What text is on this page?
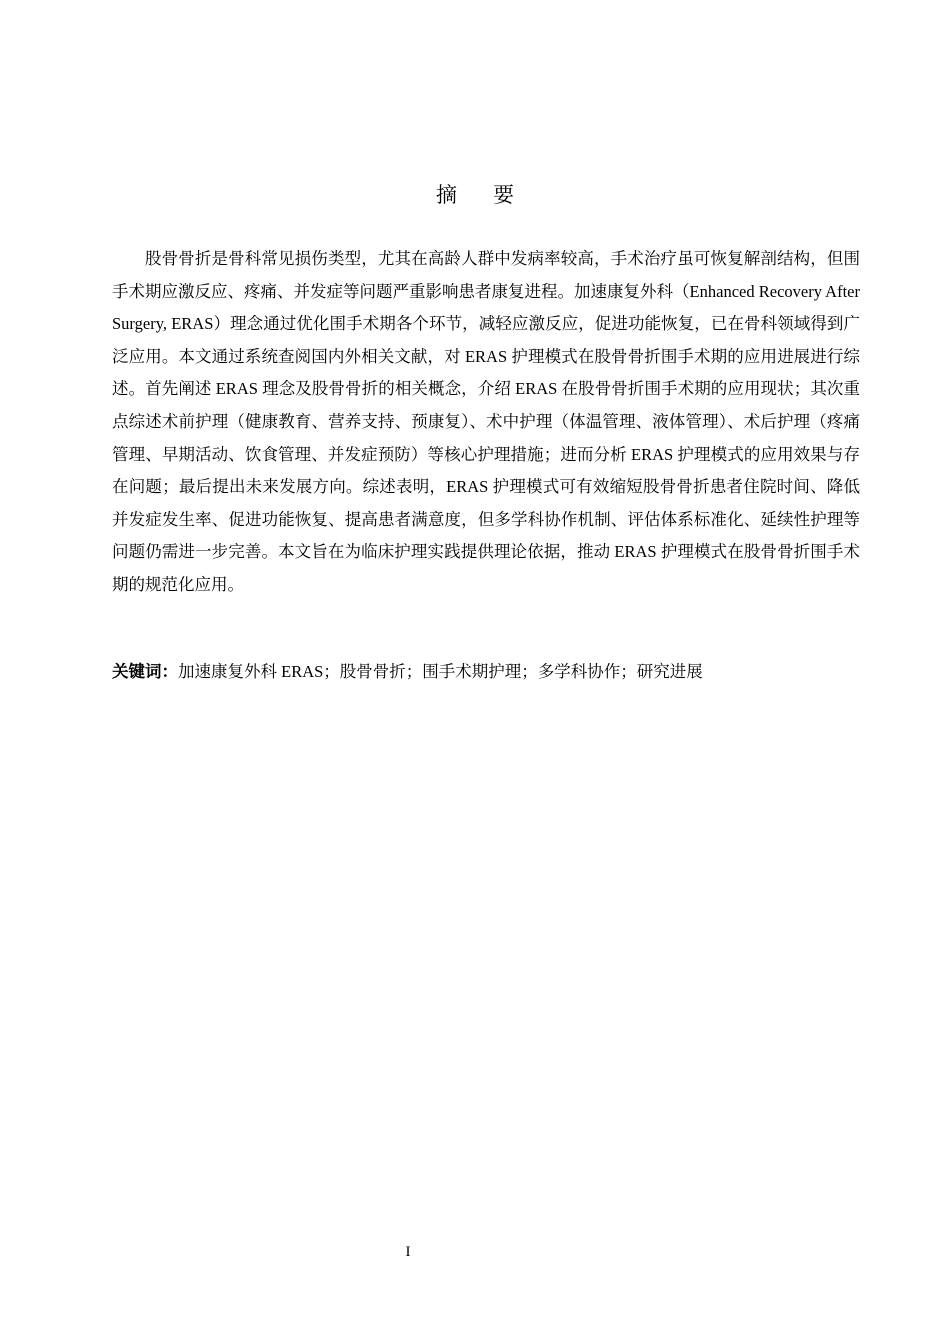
摘要

股骨骨折是骨科常见损伤类型，尤其在高龄人群中发病率较高，手术治疗虽可恢复解剖结构，但围手术期应激反应、疼痛、并发症等问题严重影响患者康复进程。加速康复外科（Enhanced Recovery After Surgery, ERAS）理念通过优化围手术期各个环节，减轻应激反应，促进功能恢复，已在骨科领域得到广泛应用。本文通过系统查阅国内外相关文献，对 ERAS 护理模式在股骨骨折围手术期的应用进展进行综述。首先阐述 ERAS 理念及股骨骨折的相关概念，介绍 ERAS 在股骨骨折围手术期的应用现状；其次重点综述术前护理（健康教育、营养支持、预康复）、术中护理（体温管理、液体管理）、术后护理（疼痛管理、早期活动、饮食管理、并发症预防）等核心护理措施；进而分析 ERAS 护理模式的应用效果与存在问题；最后提出未来发展方向。综述表明，ERAS 护理模式可有效缩短股骨骨折患者住院时间、降低并发症发生率、促进功能恢复、提高患者满意度，但多学科协作机制、评估体系标准化、延续性护理等问题仍需进一步完善。本文旨在为临床护理实践提供理论依据，推动 ERAS 护理模式在股骨骨折围手术期的规范化应用。

关键词：加速康复外科 ERAS；股骨骨折；围手术期护理；多学科协作；研究进展

I
